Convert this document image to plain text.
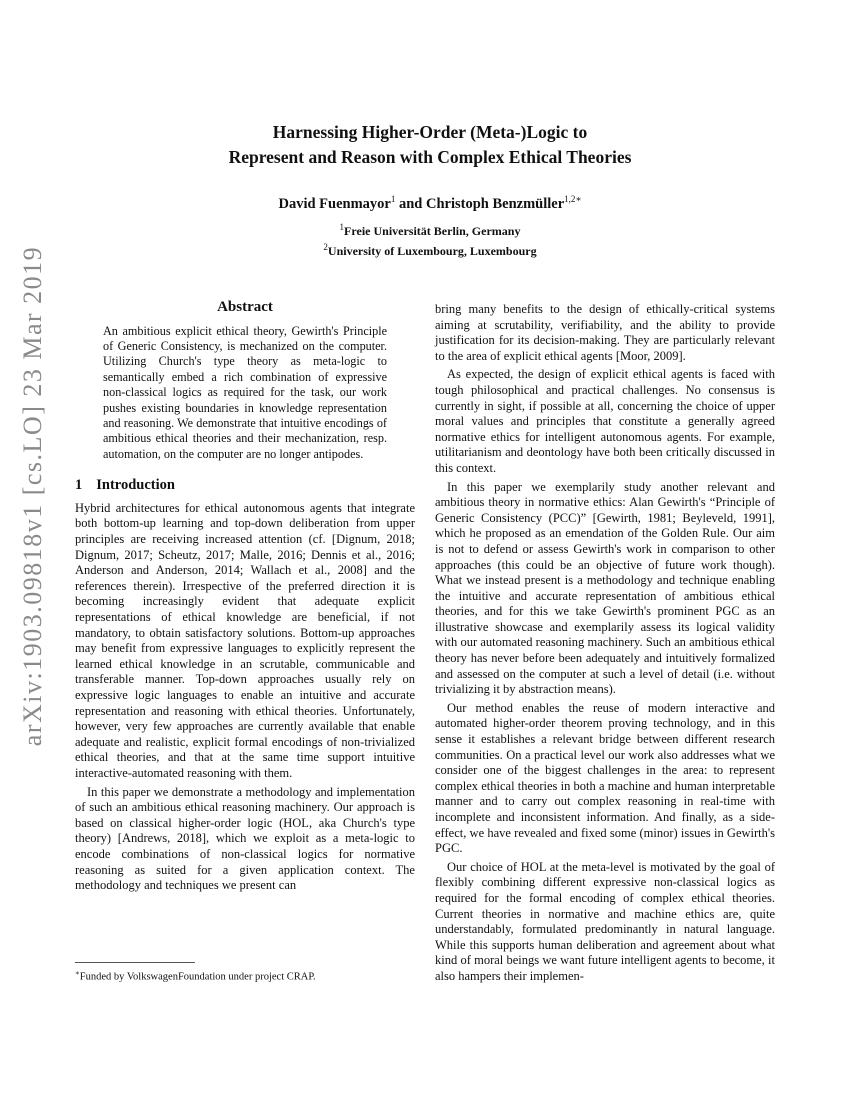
arXiv:1903.09818v1 [cs.LO] 23 Mar 2019
Harnessing Higher-Order (Meta-)Logic to
Represent and Reason with Complex Ethical Theories
David Fuenmayor$^1$ and Christoph Benzmüller$^{1,2∗}$
$^1$Freie Universität Berlin, Germany
$^2$University of Luxembourg, Luxembourg
Abstract

An ambitious explicit ethical theory, Gewirth's Principle of Generic Consistency, is mechanized on the computer. Utilizing Church's type theory as meta-logic to semantically embed a rich combination of expressive non-classical logics as required for the task, our work pushes existing boundaries in knowledge representation and reasoning. We demonstrate that intuitive encodings of ambitious ethical theories and their mechanization, resp. automation, on the computer are no longer antipodes.

1 Introduction

Hybrid architectures for ethical autonomous agents that integrate both bottom-up learning and top-down deliberation from upper principles are receiving increased attention (cf. [Dignum, 2018; Dignum, 2017; Scheutz, 2017; Malle, 2016; Dennis et al., 2016; Anderson and Anderson, 2014; Wallach et al., 2008] and the references therein). Irrespective of the preferred direction it is becoming increasingly evident that adequate explicit representations of ethical knowledge are beneficial, if not mandatory, to obtain satisfactory solutions. Bottom-up approaches may benefit from expressive languages to explicitly represent the learned ethical knowledge in an scrutable, communicable and transferable manner. Top-down approaches usually rely on expressive logic languages to enable an intuitive and accurate representation and reasoning with ethical theories. Unfortunately, however, very few approaches are currently available that enable adequate and realistic, explicit formal encodings of non-trivialized ethical theories, and that at the same time support intuitive interactive-automated reasoning with them.

In this paper we demonstrate a methodology and implementation of such an ambitious ethical reasoning machinery. Our approach is based on classical higher-order logic (HOL, aka Church's type theory) [Andrews, 2018], which we exploit as a meta-logic to encode combinations of non-classical logics for normative reasoning as suited for a given application context. The methodology and techniques we present can

∗Funded by VolkswagenFoundation under project CRAP.

bring many benefits to the design of ethically-critical systems aiming at scrutability, verifiability, and the ability to provide justification for its decision-making. They are particularly relevant to the area of explicit ethical agents [Moor, 2009].

As expected, the design of explicit ethical agents is faced with tough philosophical and practical challenges. No consensus is currently in sight, if possible at all, concerning the choice of upper moral values and principles that constitute a generally agreed normative ethics for intelligent autonomous agents. For example, utilitarianism and deontology have both been critically discussed in this context.

In this paper we exemplarily study another relevant and ambitious theory in normative ethics: Alan Gewirth's “Principle of Generic Consistency (PCC)” [Gewirth, 1981; Beyleveld, 1991], which he proposed as an emendation of the Golden Rule. Our aim is not to defend or assess Gewirth's work in comparison to other approaches (this could be an objective of future work though). What we instead present is a methodology and technique enabling the intuitive and accurate representation of ambitious ethical theories, and for this we take Gewirth's prominent PGC as an illustrative showcase and exemplarily assess its logical validity with our automated reasoning machinery. Such an ambitious ethical theory has never before been adequately and intuitively formalized and assessed on the computer at such a level of detail (i.e. without trivializing it by abstraction means).

Our method enables the reuse of modern interactive and automated higher-order theorem proving technology, and in this sense it establishes a relevant bridge between different research communities. On a practical level our work also addresses what we consider one of the biggest challenges in the area: to represent complex ethical theories in both a machine and human interpretable manner and to carry out complex reasoning in real-time with incomplete and inconsistent information. And finally, as a side-effect, we have revealed and fixed some (minor) issues in Gewirth's PGC.

Our choice of HOL at the meta-level is motivated by the goal of flexibly combining different expressive non-classical logics as required for the formal encoding of complex ethical theories. Current theories in normative and machine ethics are, quite understandably, formulated predominantly in natural language. While this supports human deliberation and agreement about what kind of moral beings we want future intelligent agents to become, it also hampers their implemen-
